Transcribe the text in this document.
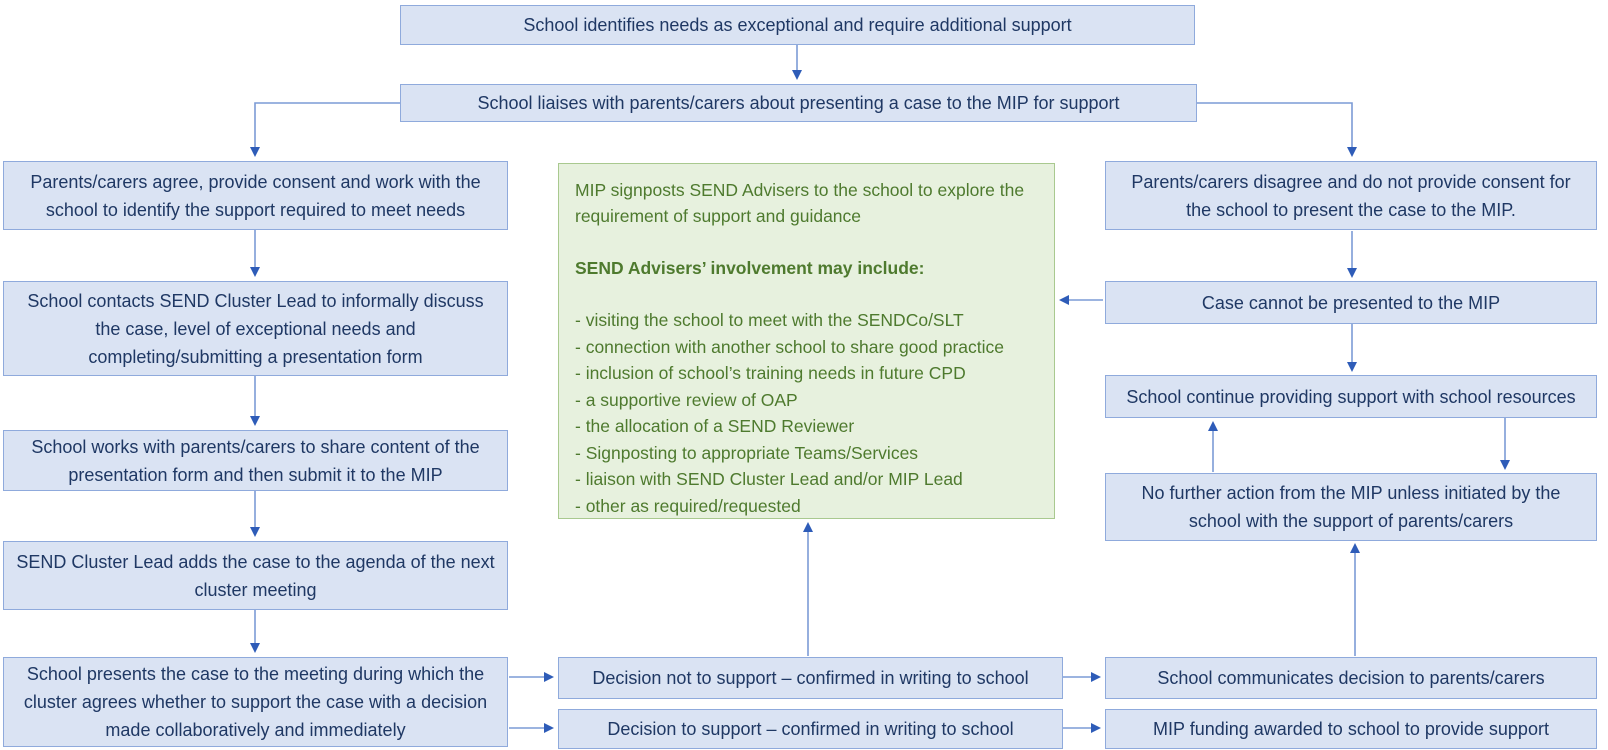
School identifies needs as exceptional and require additional support
School liaises with parents/carers about presenting a case to the MIP for support
Parents/carers agree, provide consent and work with the school to identify the support required to meet needs
School contacts SEND Cluster Lead to informally discuss the case, level of exceptional needs and completing/submitting a presentation form
School works with parents/carers to share content of the presentation form and then submit it to the MIP
SEND Cluster Lead adds the case to the agenda of the next cluster meeting
School presents the case to the meeting during which the cluster agrees whether to support the case with a decision made collaboratively and immediately

MIP signposts SEND Advisers to the school to explore the requirement of support and guidance

SEND Advisers’ involvement may include:

- visiting the school to meet with the SENDCo/SLT
- connection with another school to share good practice
- inclusion of school’s training needs in future CPD
- a supportive review of OAP
- the allocation of a SEND Reviewer
- Signposting to appropriate Teams/Services
- liaison with SEND Cluster Lead and/or MIP Lead
- other as required/requested
Parents/carers disagree and do not provide consent for the school to present the case to the MIP.
Case cannot be presented to the MIP
School continue providing support with school resources
No further action from the MIP unless initiated by the school with the support of parents/carers
Decision not to support – confirmed in writing to school
Decision to support – confirmed in writing to school
School communicates decision to parents/carers
MIP funding awarded to school to provide support
